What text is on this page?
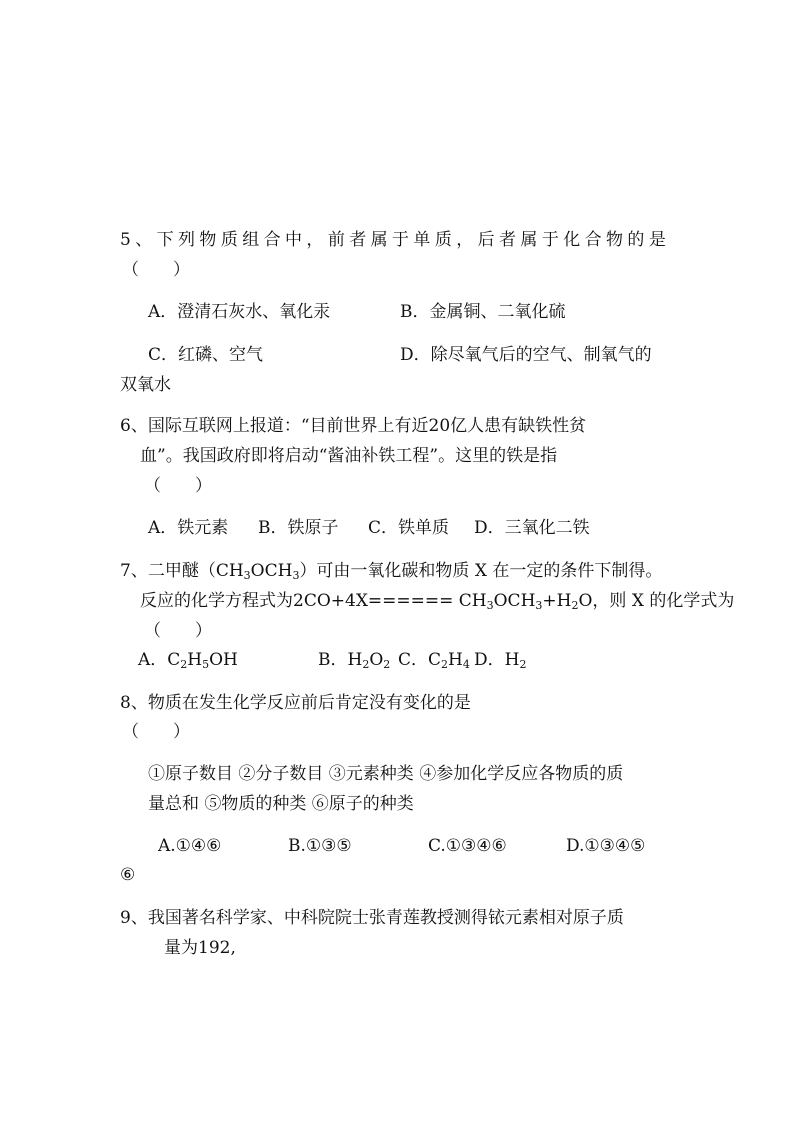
5、下列物质组合中，前者属于单质，后者属于化合物的是
（　　）
A．澄清石灰水、氧化汞	B．金属铜、二氧化硫
C．红磷、空气	D．除尽氧气后的空气、制氧气的
双氧水
6、国际互联网上报道：“目前世界上有近20亿人患有缺铁性贫
血”。我国政府即将启动“酱油补铁工程”。这里的铁是指
（　　）
A．铁元素 B．铁原子 C．铁单质 D．三氧化二铁
7、二甲醚$(CH_3OCH_3)$可由一氧化碳和物质 X 在一定的条件下制得。
反应的化学方程式为$2CO+4X====== CH_3OCH_3+H_2O$，则 X 的化学式为
（　　）
A．$C_2H_5OH$	B．$H_2O_2$ C．$C_2H_4$ D．$H_2$
8、物质在发生化学反应前后肯定没有变化的是
（　　）
①原子数目 ②分子数目 ③元素种类 ④参加化学反应各物质的质
量总和 ⑤物质的种类 ⑥原子的种类
A.①④⑥	B.①③⑤	C.①③④⑥	D.①③④⑤
⑥
9、我国著名科学家、中科院院士张青莲教授测得铱元素相对原子质
量为192,
